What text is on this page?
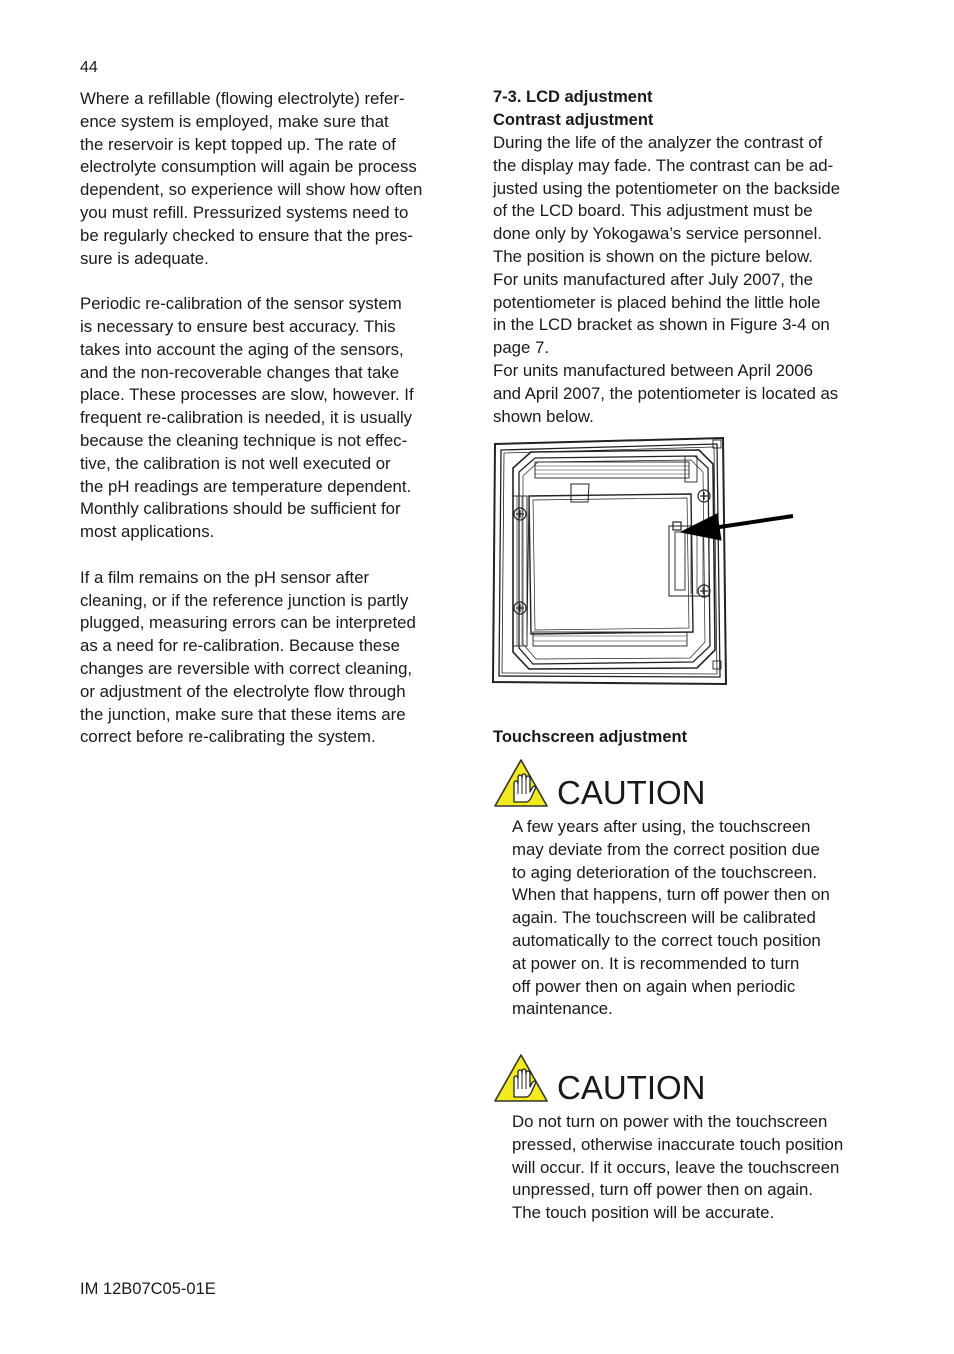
44
Where a refillable (flowing electrolyte) refer-
ence system is employed, make sure that
the reservoir is kept topped up. The rate of
electrolyte consumption will again be process
dependent, so experience will show how often
you must refill. Pressurized systems need to
be regularly checked to ensure that the pres-
sure is adequate.
Periodic re-calibration of the sensor system
is necessary to ensure best accuracy. This
takes into account the aging of the sensors,
and the non-recoverable changes that take
place. These processes are slow, however. If
frequent re-calibration is needed, it is usually
because the cleaning technique is not effec-
tive, the calibration is not well executed or
the pH readings are temperature dependent.
Monthly calibrations should be sufficient for
most applications.
If a film remains on the pH sensor after
cleaning, or if the reference junction is partly
plugged, measuring errors can be interpreted
as a need for re-calibration. Because these
changes are reversible with correct cleaning,
or adjustment of the electrolyte flow through
the junction, make sure that these items are
correct before re-calibrating the system.
7-3. LCD adjustment
Contrast adjustment
During the life of the analyzer the contrast of
the display may fade. The contrast can be ad-
justed using the potentiometer on the backside
of the LCD board. This adjustment must be
done only by Yokogawa’s service personnel.
The position is shown on the picture below.
For units manufactured after July 2007, the
potentiometer is placed behind the little hole
in the LCD bracket as shown in Figure 3-4 on
page 7.
For units manufactured between April 2006
and April 2007, the potentiometer is located as
shown below.
Touchscreen adjustment
CAUTION
A few years after using, the touchscreen
may deviate from the correct position due
to aging deterioration of the touchscreen.
When that happens, turn off power then on
again. The touchscreen will be calibrated
automatically to the correct touch position
at power on. It is recommended to turn
off power then on again when periodic
maintenance.
CAUTION
Do not turn on power with the touchscreen
pressed, otherwise inaccurate touch position
will occur. If it occurs, leave the touchscreen
unpressed, turn off power then on again.
The touch position will be accurate.
IM 12B07C05-01E
